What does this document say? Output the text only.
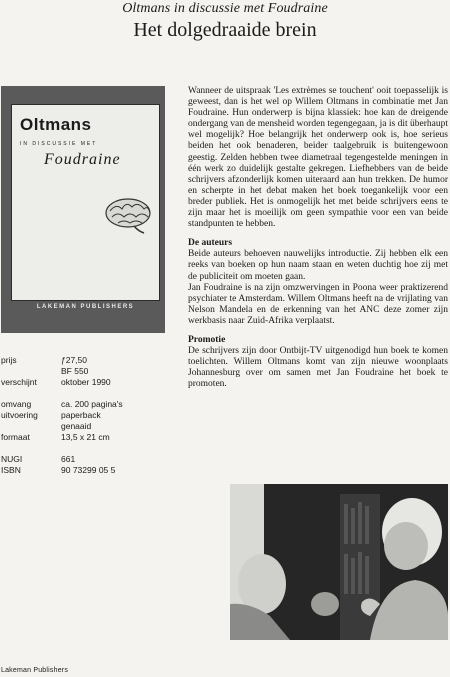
Oltmans in discussie met Foudraine
Het dolgedraaide brein
Oltmans
IN DISCUSSIE MET
Foudraine
LAKEMAN PUBLISHERS
prijs	ƒ27,50
BF 550
verschijnt	oktober 1990
omvang	ca. 200 pagina's
uitvoering	paperback
genaaid
formaat	13,5 x 21 cm
NUGI	661
ISBN	90 73299 05 5

Wanneer de uitspraak 'Les extrèmes se touchent' ooit toepasselijk is geweest, dan is het wel op Willem Oltmans in combinatie met Jan Foudraine. Hun onderwerp is bijna klassiek: hoe kan de dreigende ondergang van de mensheid worden tegengegaan, ja is dit überhaupt wel mogelijk? Hoe belangrijk het onderwerp ook is, hoe serieus beiden het ook benaderen, beider taalgebruik is buitengewoon geestig. Zelden hebben twee diametraal tegengestelde meningen in één werk zo duidelijk gestalte gekregen. Liefhebbers van de beide schrijvers afzonderlijk komen uiteraard aan hun trekken. De humor en scherpte in het debat maken het boek toegankelijk voor een breder publiek. Het is onmogelijk het met beide schrijvers eens te zijn maar het is moeilijk om geen sympathie voor een van beide standpunten te hebben.

De auteurs

Beide auteurs behoeven nauwelijks introductie. Zij hebben elk een reeks van boeken op hun naam staan en weten duchtig hoe zij met de publiciteit om moeten gaan.

Jan Foudraine is na zijn omzwervingen in Poona weer praktizerend psychiater te Amsterdam. Willem Oltmans heeft na de vrijlating van Nelson Mandela en de erkenning van het ANC deze zomer zijn werkbasis naar Zuid-Afrika verplaatst.

Promotie

De schrijvers zijn door Ontbijt-TV uitgenodigd hun boek te komen toelichten. Willem Oltmans komt van zijn nieuwe woonplaats Johannesburg over om samen met Jan Foudraine het boek te promoten.

Lakeman Publishers
